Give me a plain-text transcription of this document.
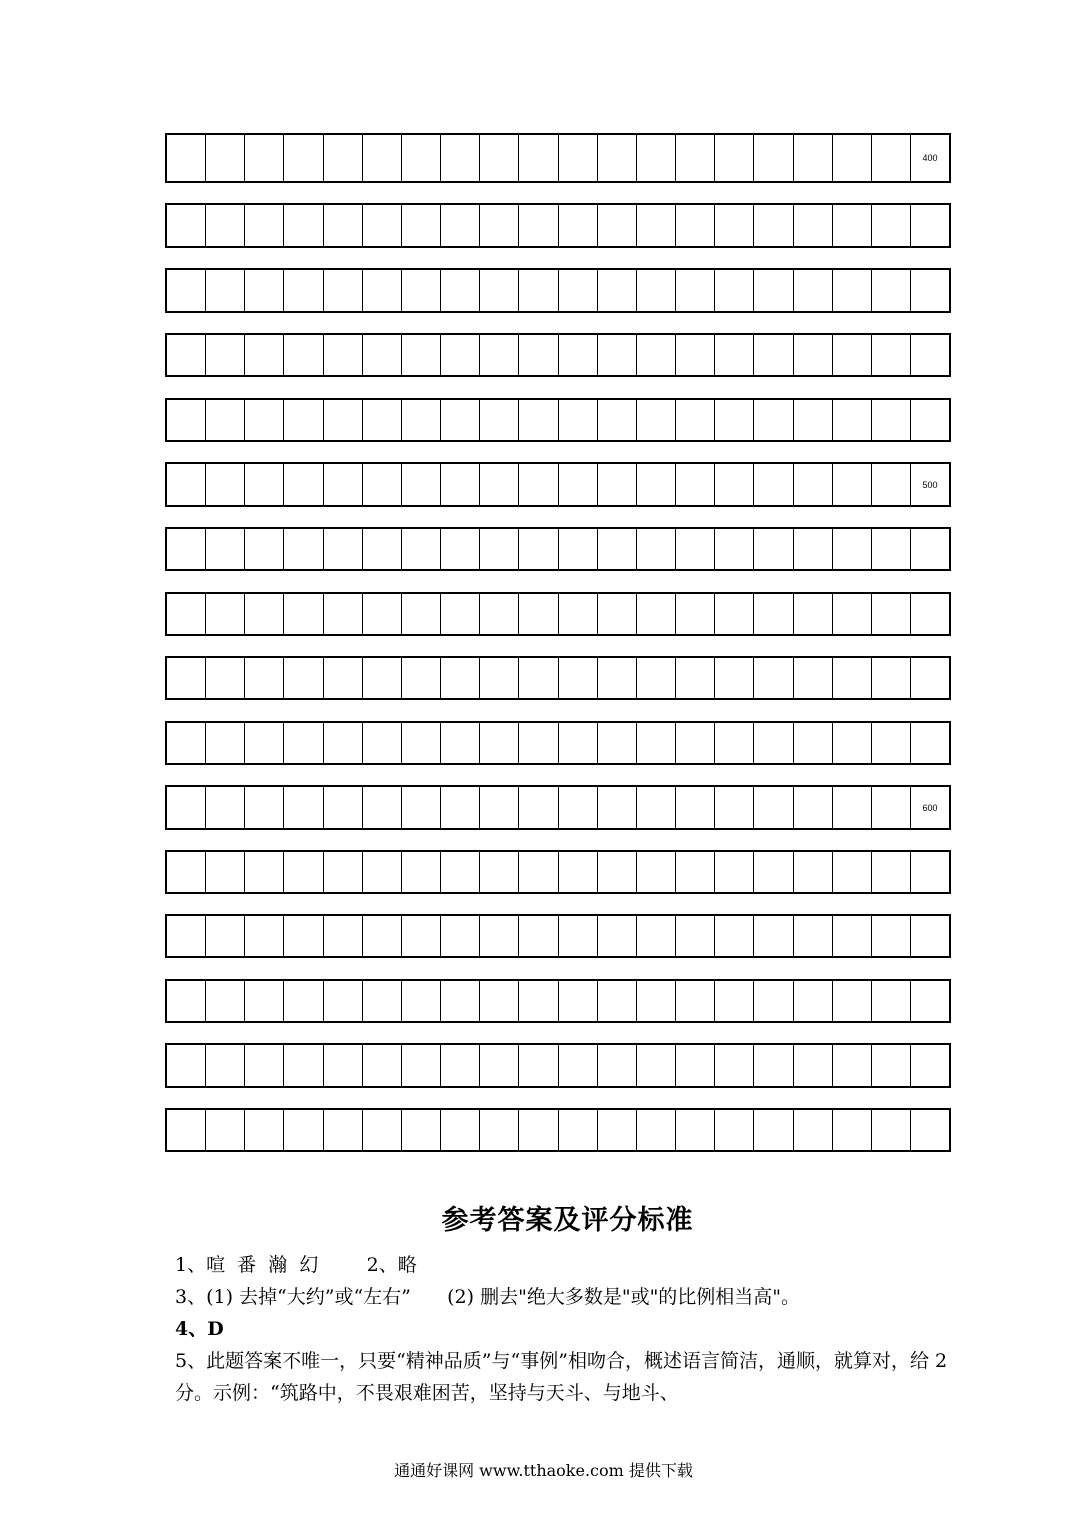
400
500
600
参考答案及评分标准
1、喧  番  瀚  幻        2、略
3、(1) 去掉“大约”或“左右”      (2) 删去"绝大多数是"或"的比例相当高"。
4、D
5、此题答案不唯一，只要“精神品质”与“事例”相吻合，概述语言简洁，通顺，就算对，给 2 分。示例：“筑路中，不畏艰难困苦，坚持与天斗、与地斗、
通通好课网 www.tthaoke.com 提供下载
